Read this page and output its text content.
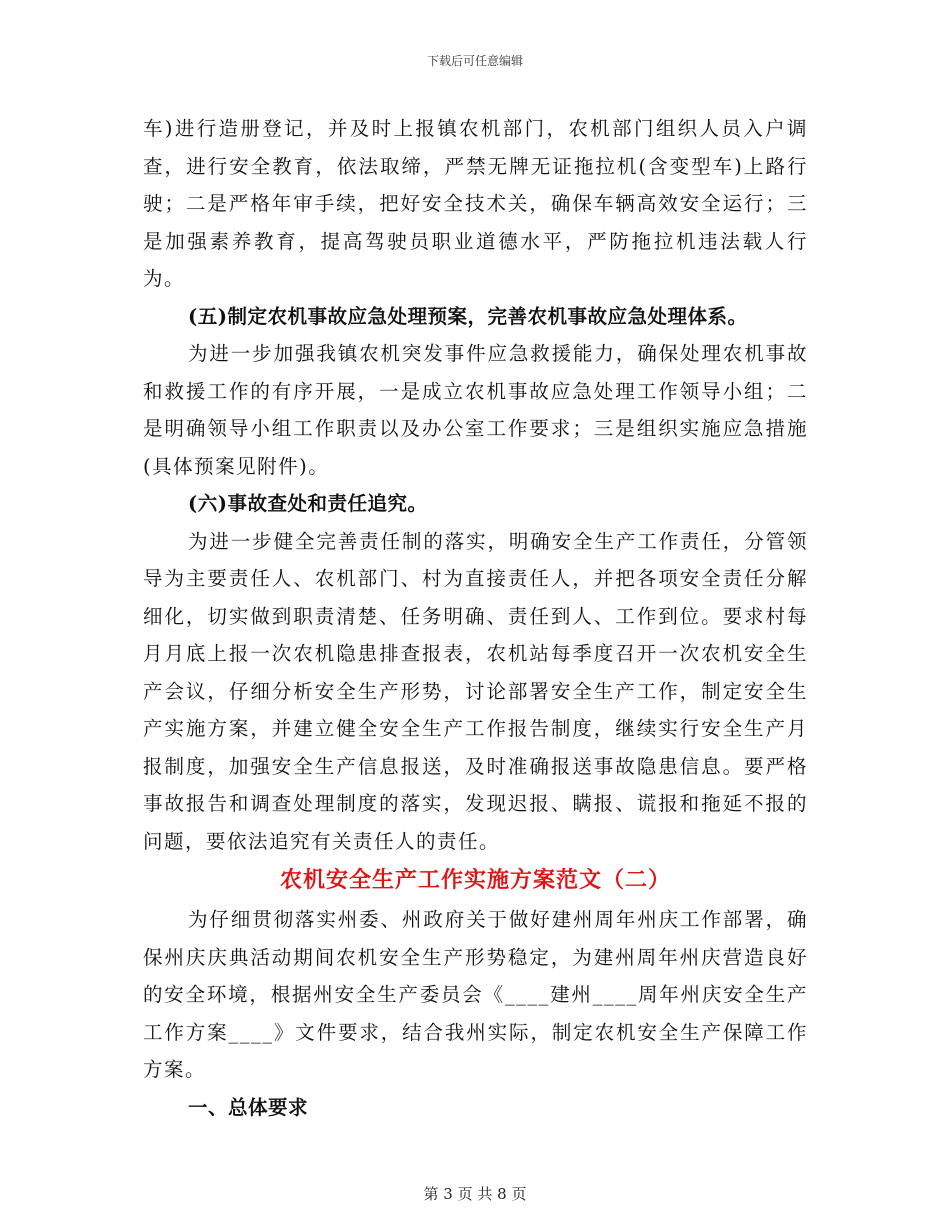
下载后可任意编辑

车)进行造册登记，并及时上报镇农机部门，农机部门组织人员入户调查，进行安全教育，依法取缔，严禁无牌无证拖拉机(含变型车)上路行驶；二是严格年审手续，把好安全技术关，确保车辆高效安全运行；三是加强素养教育，提高驾驶员职业道德水平，严防拖拉机违法载人行为。

(五)制定农机事故应急处理预案，完善农机事故应急处理体系。

为进一步加强我镇农机突发事件应急救援能力，确保处理农机事故和救援工作的有序开展，一是成立农机事故应急处理工作领导小组；二是明确领导小组工作职责以及办公室工作要求；三是组织实施应急措施(具体预案见附件)。

(六)事故查处和责任追究。

为进一步健全完善责任制的落实，明确安全生产工作责任，分管领导为主要责任人、农机部门、村为直接责任人，并把各项安全责任分解细化，切实做到职责清楚、任务明确、责任到人、工作到位。要求村每月月底上报一次农机隐患排查报表，农机站每季度召开一次农机安全生产会议，仔细分析安全生产形势，讨论部署安全生产工作，制定安全生产实施方案，并建立健全安全生产工作报告制度，继续实行安全生产月报制度，加强安全生产信息报送，及时准确报送事故隐患信息。要严格事故报告和调查处理制度的落实，发现迟报、瞒报、谎报和拖延不报的问题，要依法追究有关责任人的责任。

农机安全生产工作实施方案范文（二）

为仔细贯彻落实州委、州政府关于做好建州周年州庆工作部署，确保州庆庆典活动期间农机安全生产形势稳定，为建州周年州庆营造良好的安全环境，根据州安全生产委员会《____建州____周年州庆安全生产工作方案____》文件要求，结合我州实际，制定农机安全生产保障工作方案。

一、总体要求

第 3 页 共 8 页
